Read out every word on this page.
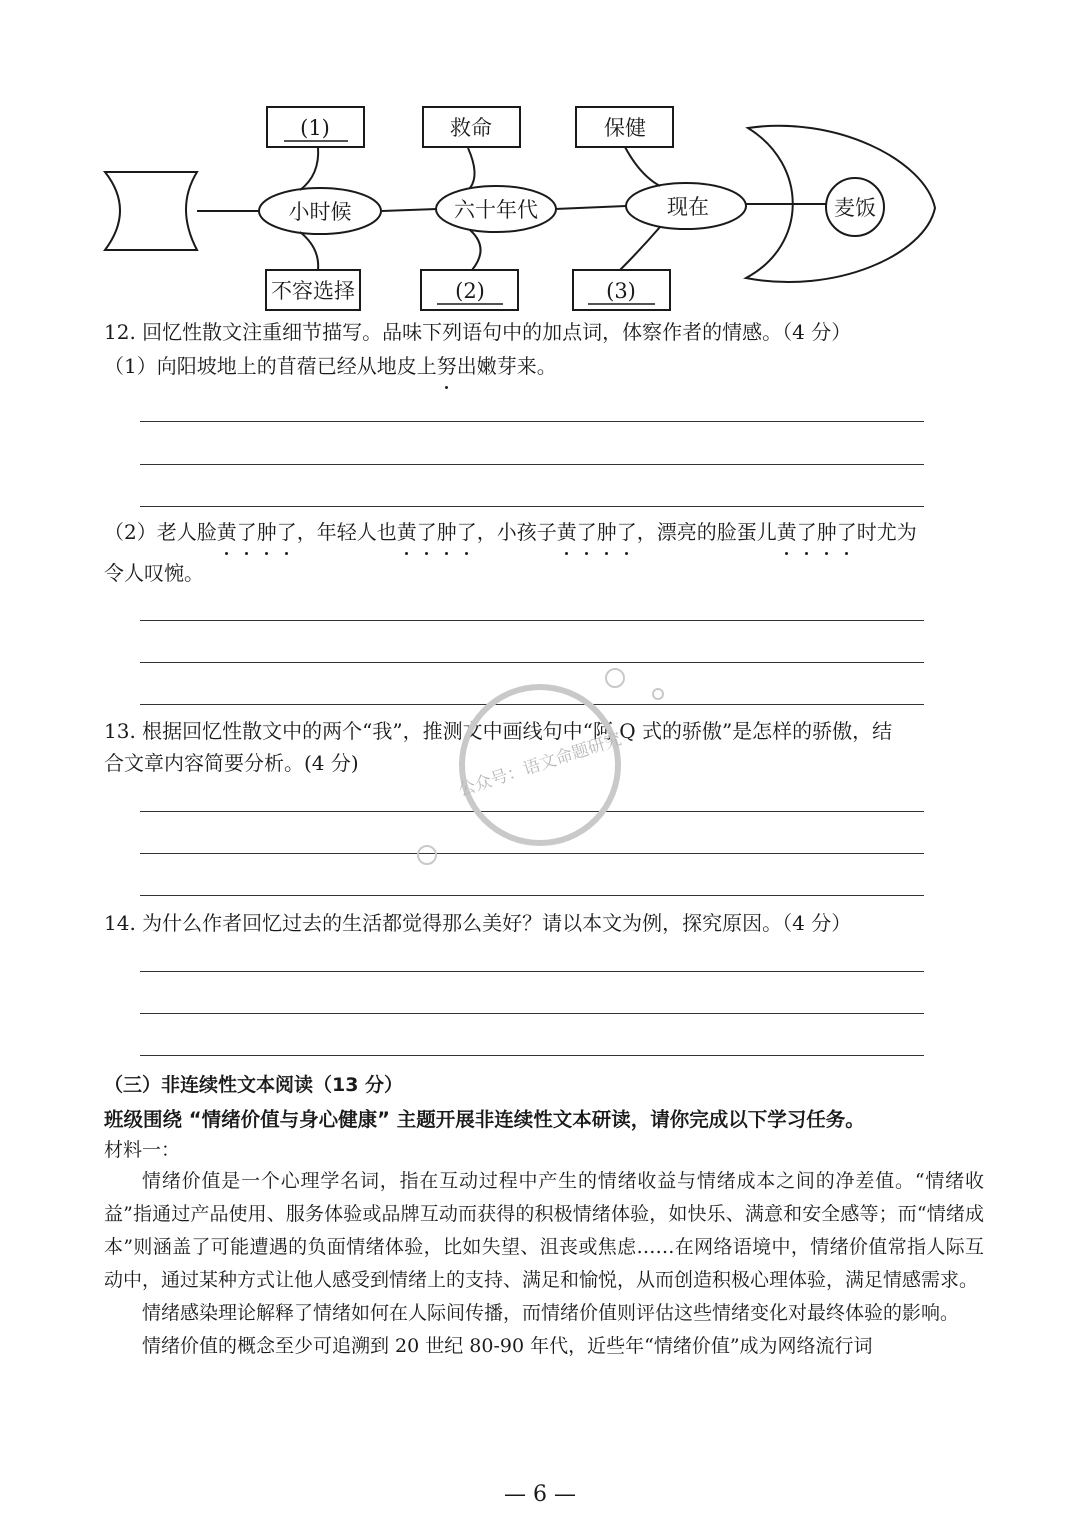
小时候	六十年代	现在	麦饭
(1)	救命	保健
不容选择	(2)	(3)
12. 回忆性散文注重细节描写。品味下列语句中的加点词，体察作者的情感。（4 分）
（1）向阳坡地上的苜蓿已经从地皮上努出嫩芽来。
（2）老人脸黄了肿了，年轻人也黄了肿了，小孩子黄了肿了，漂亮的脸蛋儿黄了肿了时尤为
令人叹惋。
13. 根据回忆性散文中的两个“我”，推测文中画线句中“阿 Q 式的骄傲”是怎样的骄傲，结
合文章内容简要分析。(4 分)
14. 为什么作者回忆过去的生活都觉得那么美好？请以本文为例，探究原因。（4 分）
（三）非连续性文本阅读（13 分）
班级围绕 “情绪价值与身心健康” 主题开展非连续性文本研读，请你完成以下学习任务。
材料一：

情绪价值是一个心理学名词，指在互动过程中产生的情绪收益与情绪成本之间的净差值。“情绪收益”指通过产品使用、服务体验或品牌互动而获得的积极情绪体验，如快乐、满意和安全感等；而“情绪成本”则涵盖了可能遭遇的负面情绪体验，比如失望、沮丧或焦虑……在网络语境中，情绪价值常指人际互动中，通过某种方式让他人感受到情绪上的支持、满足和愉悦，从而创造积极心理体验，满足情感需求。

情绪感染理论解释了情绪如何在人际间传播，而情绪价值则评估这些情绪变化对最终体验的影响。

情绪价值的概念至少可追溯到 20 世纪 80-90 年代，近些年“情绪价值”成为网络流行词

公众号：语文命题研究
— 6 —
